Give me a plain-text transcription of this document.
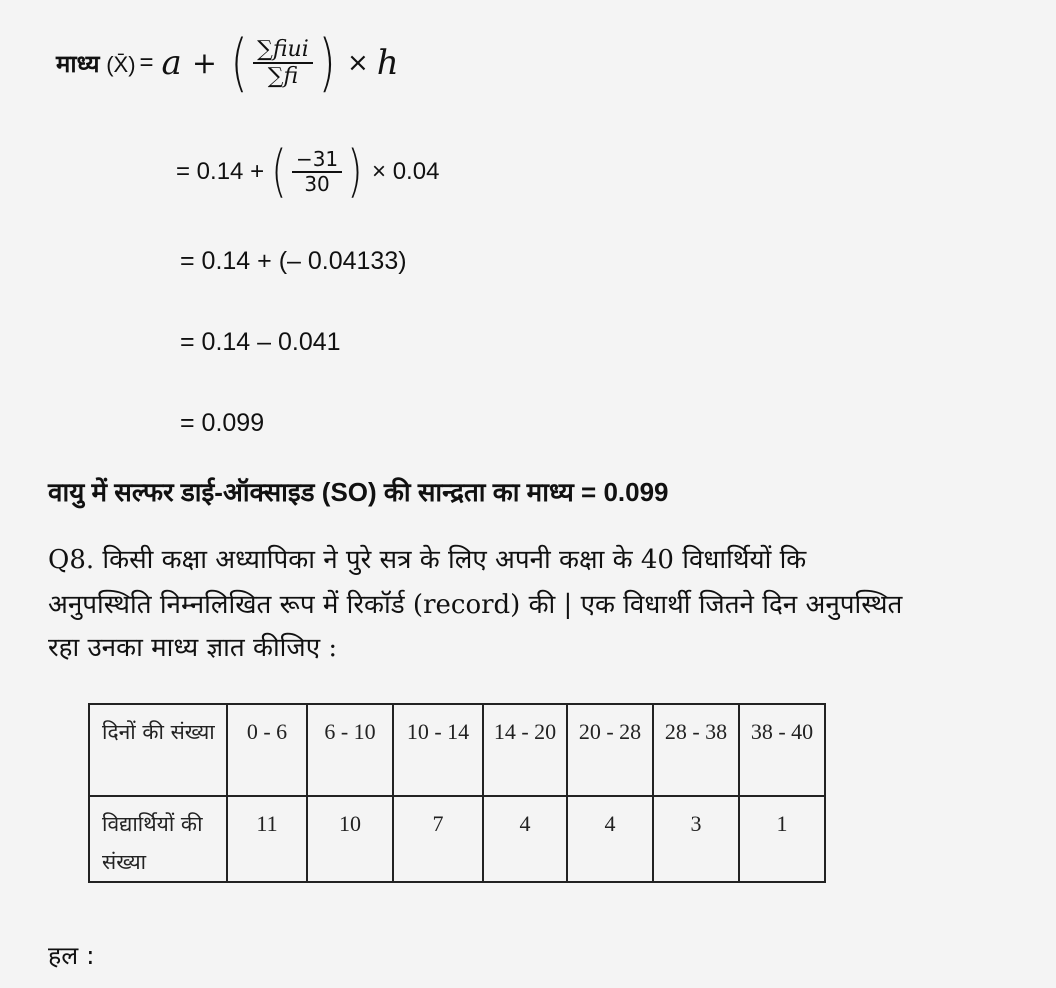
माध्य (X̄) = a + ( $\frac{\text{∑fiui}}{\sum fi}$ ) × h
= 0.14 + ( $\frac{-31}{30}$ ) × 0.04
= 0.14 + (– 0.04133)
= 0.14 – 0.041
= 0.099
वायु में सल्फर डाई-ऑक्साइड (SO) की सान्द्रता का माध्य = 0.099
Q8. किसी कक्षा अध्यापिका ने पुरे सत्र के लिए अपनी कक्षा के 40 विधार्थियों कि
अनुपस्थिति निम्नलिखित रूप में रिकॉर्ड (record) की | एक विधार्थी जितने दिन अनुपस्थित
रहा उनका माध्य ज्ञात कीजिए :
दिनों की संख्या	0 - 6	6 - 10	10 - 14	14 - 20	20 - 28	28 - 38	38 - 40
विद्यार्थियों की संख्या	11	10	7	4	4	3	1
हल :
